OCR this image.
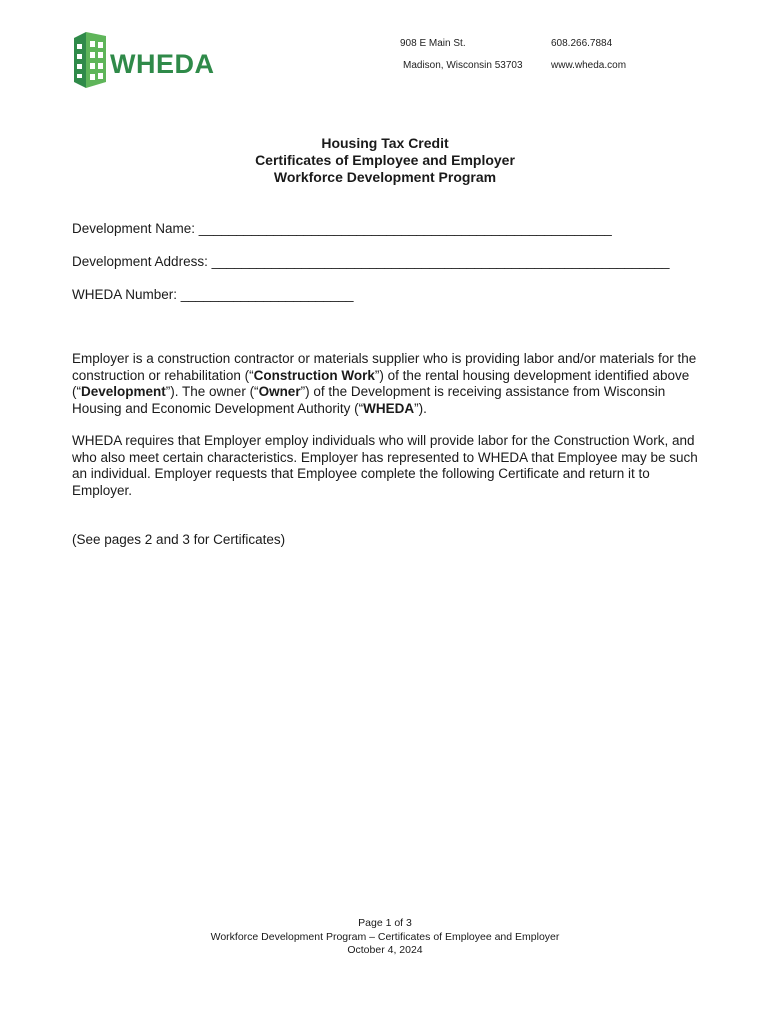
WHEDA
908 E Main St.
Madison, Wisconsin 53703
608.266.7884
www.wheda.com
Housing Tax Credit
Certificates of Employee and Employer
Workforce Development Program
Development Name: _______________________________________________________
Development Address: _____________________________________________________________
WHEDA Number: _______________________
Employer is a construction contractor or materials supplier who is providing labor and/or materials for the construction or rehabilitation (“Construction Work”) of the rental housing development identified above (“Development”). The owner (“Owner”) of the Development is receiving assistance from Wisconsin Housing and Economic Development Authority (“WHEDA”).
WHEDA requires that Employer employ individuals who will provide labor for the Construction Work, and who also meet certain characteristics. Employer has represented to WHEDA that Employee may be such an individual. Employer requests that Employee complete the following Certificate and return it to Employer.
(See pages 2 and 3 for Certificates)
Page 1 of 3
Workforce Development Program – Certificates of Employee and Employer
October 4, 2024
